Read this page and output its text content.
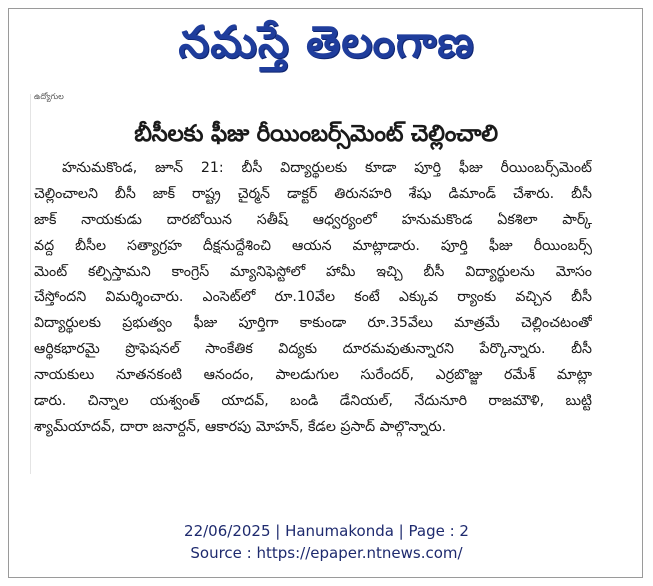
నమస్తే తెలంగాణ
ఉద్యోగుల
బీసీలకు ఫీజు రీయింబర్స్‌మెంట్ చెల్లించాలి
హనుమకొండ, జూన్ 21: బీసీ విద్యార్థులకు కూడా పూర్తి ఫీజు రీయింబర్స్‌మెంట్
చెల్లించాలని బీసీ జాక్ రాష్ట్ర చైర్మన్ డాక్టర్ తిరునహరి శేషు డిమాండ్ చేశారు. బీసీ
జాక్ నాయకుడు దారబోయిన సతీష్ ఆధ్వర్యంలో హనుమకొండ ఏకశిలా పార్క్
వద్ద బీసీల సత్యాగ్రహ దీక్షనుద్దేశించి ఆయన మాట్లాడారు. పూర్తి ఫీజు రీయింబర్స్
మెంట్ కల్పిస్తామని కాంగ్రెస్ మ్యానిఫెస్టోలో హామీ ఇచ్చి బీసీ విద్యార్థులను మోసం
చేస్తోందని విమర్శించారు. ఎంసెట్‌లో రూ.10వేల కంటే ఎక్కువ ర్యాంకు వచ్చిన బీసీ
విద్యార్థులకు ప్రభుత్వం ఫీజు పూర్తిగా కాకుండా రూ.35వేలు మాత్రమే చెల్లించటంతో
ఆర్థికభారమై ప్రొఫెషనల్ సాంకేతిక విద్యకు దూరమవుతున్నారని పేర్కొన్నారు. బీసీ
నాయకులు నూతనకంటి ఆనందం, పాలడుగుల సురేందర్, ఎర్రబొజ్జు రమేశ్ మాట్లా
డారు. చిన్నాల యశ్వంత్ యాదవ్, బండి డేనియల్, నేదునూరి రాజమౌళి, బుట్టి
శ్యామ్‌యాదవ్, దారా జనార్దన్, ఆకారపు మోహన్, కేడల ప్రసాద్ పాల్గొన్నారు.
22/06/2025 | Hanumakonda | Page : 2
Source : https://epaper.ntnews.com/
